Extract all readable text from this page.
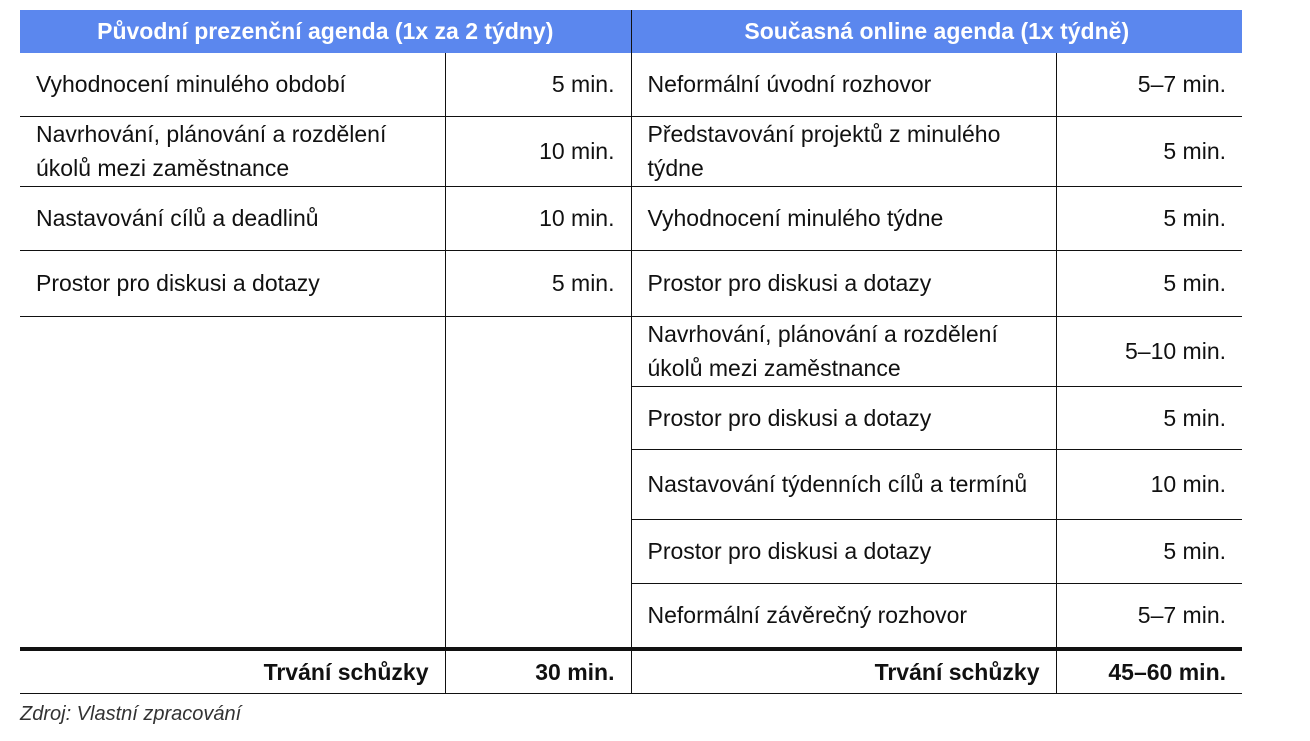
Původní prezenční agenda (1x za 2 týdny)		Současná online agenda (1x týdně)	
Vyhodnocení minulého období	5 min.	Neformální úvodní rozhovor	5–7 min.
Navrhování, plánování a rozdělení úkolů mezi zaměstnance	10 min.	Představování projektů z minulého týdne	5 min.
Nastavování cílů a deadlinů	10 min.	Vyhodnocení minulého týdne	5 min.
Prostor pro diskusi a dotazy	5 min.	Prostor pro diskusi a dotazy	5 min.
		Navrhování, plánování a rozdělení úkolů mezi zaměstnance	5–10 min.
		Prostor pro diskusi a dotazy	5 min.
		Nastavování týdenních cílů a termínů	10 min.
		Prostor pro diskusi a dotazy	5 min.
		Neformální závěrečný rozhovor	5–7 min.
Trvání schůzky	30 min.	Trvání schůzky	45–60 min.
Zdroj: Vlastní zpracování
